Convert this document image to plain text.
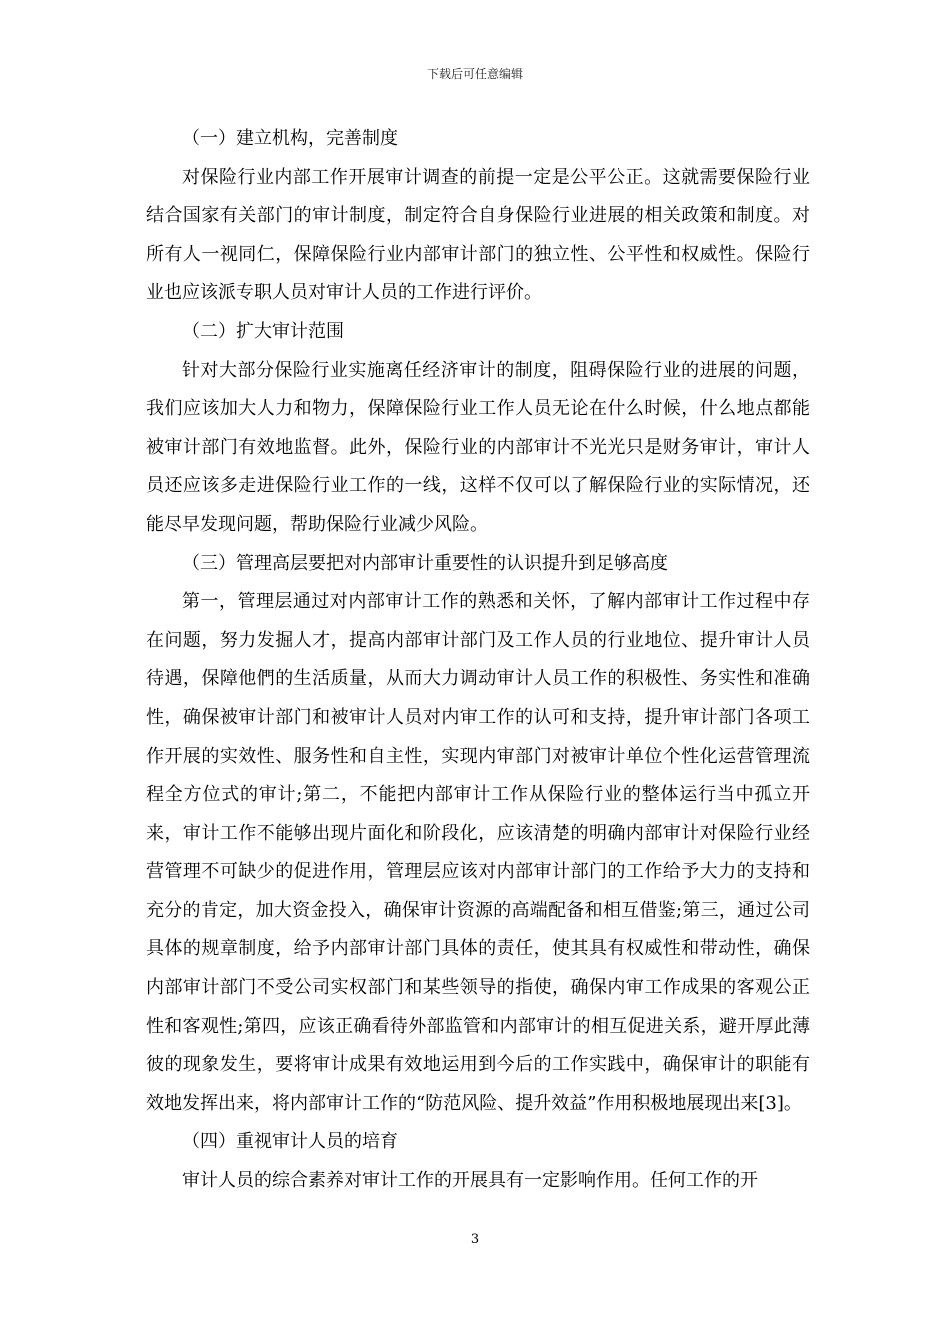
下载后可任意编辑

（一）建立机构，完善制度

对保险行业内部工作开展审计调查的前提一定是公平公正。这就需要保险行业结合国家有关部门的审计制度，制定符合自身保险行业进展的相关政策和制度。对所有人一视同仁，保障保险行业内部审计部门的独立性、公平性和权威性。保险行业也应该派专职人员对审计人员的工作进行评价。

（二）扩大审计范围

针对大部分保险行业实施离任经济审计的制度，阻碍保险行业的进展的问题，我们应该加大人力和物力，保障保险行业工作人员无论在什么时候，什么地点都能被审计部门有效地监督。此外，保险行业的内部审计不光光只是财务审计，审计人员还应该多走进保险行业工作的一线，这样不仅可以了解保险行业的实际情况，还能尽早发现问题，帮助保险行业减少风险。

（三）管理高层要把对内部审计重要性的认识提升到足够高度

第一，管理层通过对内部审计工作的熟悉和关怀，了解内部审计工作过程中存在问题，努力发掘人才，提高内部审计部门及工作人员的行业地位、提升审计人员待遇，保障他們的生活质量，从而大力调动审计人员工作的积极性、务实性和准确性，确保被审计部门和被审计人员对内审工作的认可和支持，提升审计部门各项工作开展的实效性、服务性和自主性，实现内审部门对被审计单位个性化运营管理流程全方位式的审计;第二，不能把内部审计工作从保险行业的整体运行当中孤立开来，审计工作不能够出现片面化和阶段化，应该清楚的明确内部审计对保险行业经营管理不可缺少的促进作用，管理层应该对内部审计部门的工作给予大力的支持和充分的肯定，加大资金投入，确保审计资源的高端配备和相互借鉴;第三，通过公司具体的规章制度，给予内部审计部门具体的责任，使其具有权威性和带动性，确保内部审计部门不受公司实权部门和某些领导的指使，确保内审工作成果的客观公正性和客观性;第四，应该正确看待外部监管和内部审计的相互促进关系，避开厚此薄彼的现象发生，要将审计成果有效地运用到今后的工作实践中，确保审计的职能有效地发挥出来，将内部审计工作的“防范风险、提升效益”作用积极地展现出来[3]。

（四）重视审计人员的培育

审计人员的综合素养对审计工作的开展具有一定影响作用。任何工作的开

3
